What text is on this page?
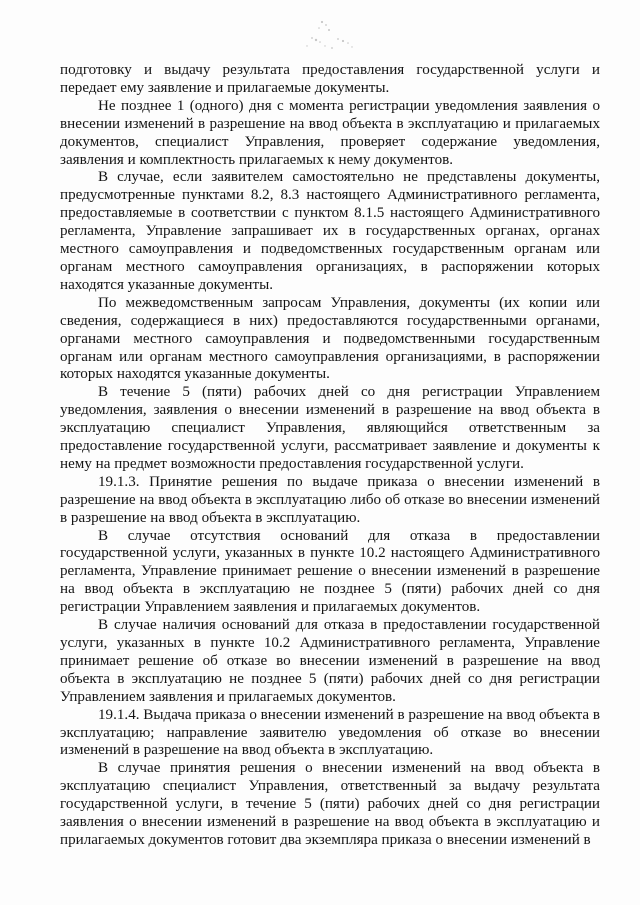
подготовку и выдачу результата предоставления государственной услуги и передает ему заявление и прилагаемые документы.

Не позднее 1 (одного) дня с момента регистрации уведомления заявления о внесении изменений в разрешение на ввод объекта в эксплуатацию и прилагаемых документов, специалист Управления, проверяет содержание уведомления, заявления и комплектность прилагаемых к нему документов.

В случае, если заявителем самостоятельно не представлены документы, предусмотренные пунктами 8.2, 8.3 настоящего Административного регламента, предоставляемые в соответствии с пунктом 8.1.5 настоящего Административного регламента, Управление запрашивает их в государственных органах, органах местного самоуправления и подведомственных государственным органам или органам местного самоуправления организациях, в распоряжении которых находятся указанные документы.

По межведомственным запросам Управления, документы (их копии или сведения, содержащиеся в них) предоставляются государственными органами, органами местного самоуправления и подведомственными государственным органам или органам местного самоуправления организациями, в распоряжении которых находятся указанные документы.

В течение 5 (пяти) рабочих дней со дня регистрации Управлением уведомления, заявления о внесении изменений в разрешение на ввод объекта в эксплуатацию специалист Управления, являющийся ответственным за предоставление государственной услуги, рассматривает заявление и документы к нему на предмет возможности предоставления государственной услуги.

19.1.3. Принятие решения по выдаче приказа о внесении изменений в разрешение на ввод объекта в эксплуатацию либо об отказе во внесении изменений в разрешение на ввод объекта в эксплуатацию.

В случае отсутствия оснований для отказа в предоставлении государственной услуги, указанных в пункте 10.2 настоящего Административного регламента, Управление принимает решение о внесении изменений в разрешение на ввод объекта в эксплуатацию не позднее 5 (пяти) рабочих дней со дня регистрации Управлением заявления и прилагаемых документов.

В случае наличия оснований для отказа в предоставлении государственной услуги, указанных в пункте 10.2 Административного регламента, Управление принимает решение об отказе во внесении изменений в разрешение на ввод объекта в эксплуатацию не позднее 5 (пяти) рабочих дней со дня регистрации Управлением заявления и прилагаемых документов.

19.1.4. Выдача приказа о внесении изменений в разрешение на ввод объекта в эксплуатацию; направление заявителю уведомления об отказе во внесении изменений в разрешение на ввод объекта в эксплуатацию.

В случае принятия решения о внесении изменений на ввод объекта в эксплуатацию специалист Управления, ответственный за выдачу результата государственной услуги, в течение 5 (пяти) рабочих дней со дня регистрации заявления о внесении изменений в разрешение на ввод объекта в эксплуатацию и прилагаемых документов готовит два экземпляра приказа о внесении изменений в
